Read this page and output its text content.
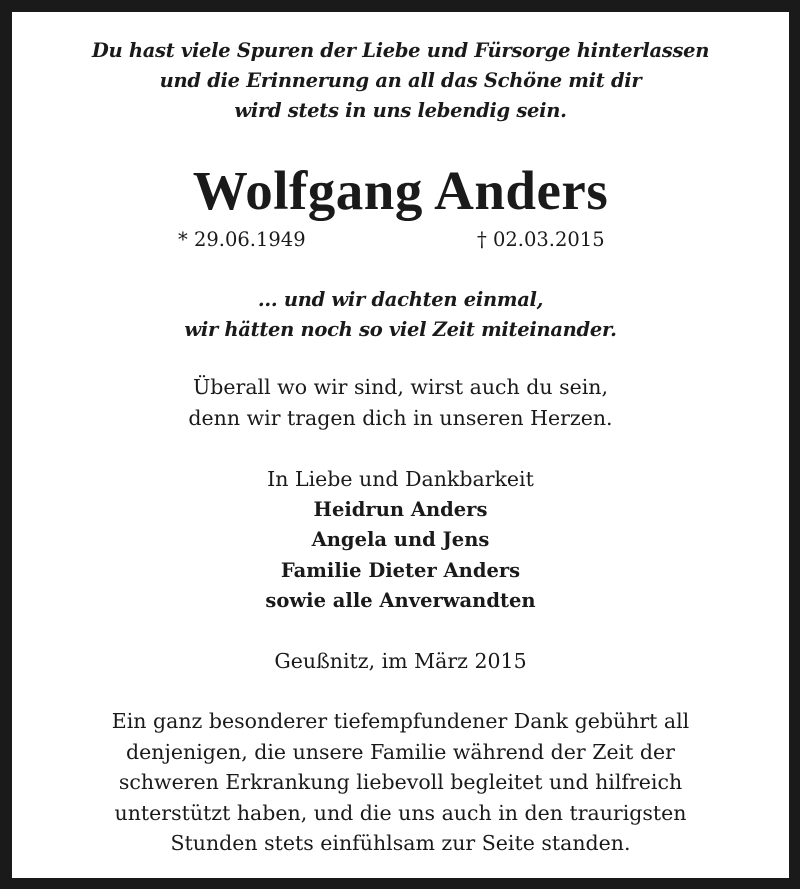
Du hast viele Spuren der Liebe und Fürsorge hinterlassen

und die Erinnerung an all das Schöne mit dir

wird stets in uns lebendig sein.

Wolfgang Anders

* 29.06.1949	† 02.03.2015

... und wir dachten einmal,

wir hätten noch so viel Zeit miteinander.

Überall wo wir sind, wirst auch du sein,

denn wir tragen dich in unseren Herzen.

In Liebe und Dankbarkeit

Heidrun Anders

Angela und Jens

Familie Dieter Anders

sowie alle Anverwandten

Geußnitz, im März 2015

Ein ganz besonderer tiefempfundener Dank gebührt all

denjenigen, die unsere Familie während der Zeit der

schweren Erkrankung liebevoll begleitet und hilfreich

unterstützt haben, und die uns auch in den traurigsten

Stunden stets einfühlsam zur Seite standen.
